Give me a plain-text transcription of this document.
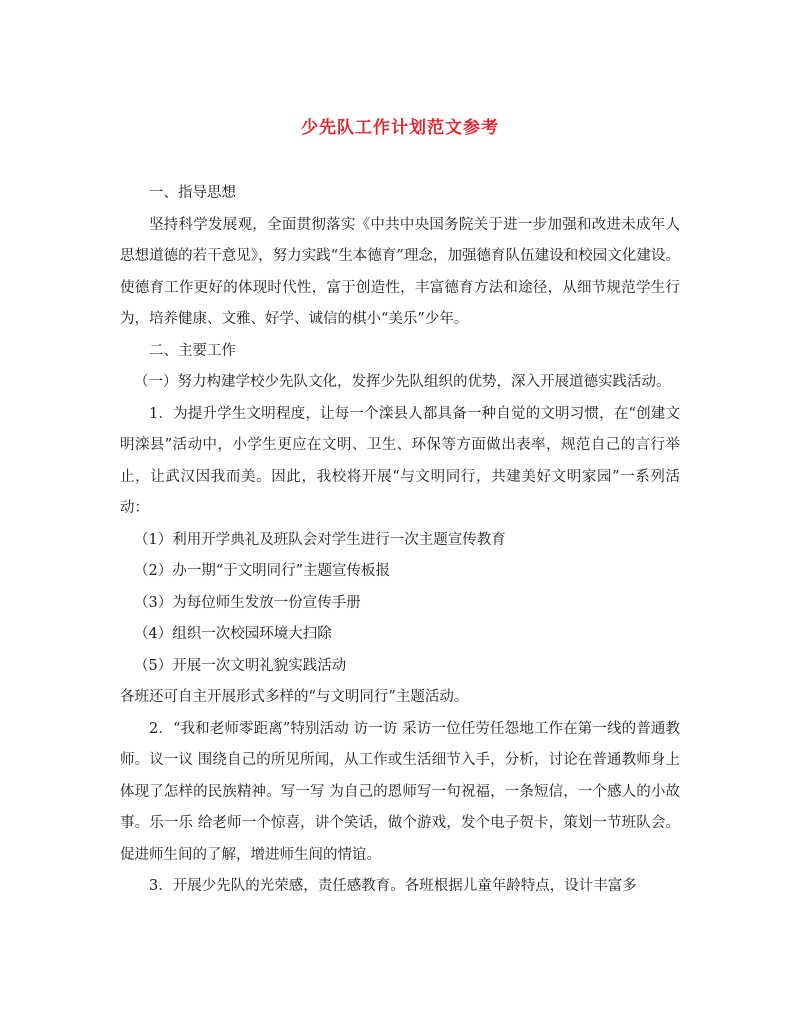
少先队工作计划范文参考

一、指导思想

坚持科学发展观，全面贯彻落实《中共中央国务院关于进一步加强和改进未成年人思想道德的若干意见》，努力实践“生本德育”理念，加强德育队伍建设和校园文化建设。使德育工作更好的体现时代性，富于创造性，丰富德育方法和途径，从细节规范学生行为，培养健康、文雅、好学、诚信的棋小“美乐”少年。

二、主要工作

（一）努力构建学校少先队文化，发挥少先队组织的优势，深入开展道德实践活动。

1．为提升学生文明程度，让每一个滦县人都具备一种自觉的文明习惯，在“创建文明滦县”活动中，小学生更应在文明、卫生、环保等方面做出表率，规范自己的言行举止，让武汉因我而美。因此，我校将开展“与文明同行，共建美好文明家园”一系列活动：

（1）利用开学典礼及班队会对学生进行一次主题宣传教育

（2）办一期“于文明同行”主题宣传板报

（3）为每位师生发放一份宣传手册

（4）组织一次校园环境大扫除

（5）开展一次文明礼貌实践活动

各班还可自主开展形式多样的“与文明同行”主题活动。

2．“我和老师零距离”特别活动 访一访 采访一位任劳任怨地工作在第一线的普通教师。议一议 围绕自己的所见所闻，从工作或生活细节入手，分析，讨论在普通教师身上体现了怎样的民族精神。写一写 为自己的恩师写一句祝福，一条短信，一个感人的小故事。乐一乐 给老师一个惊喜，讲个笑话，做个游戏，发个电子贺卡，策划一节班队会。促进师生间的了解，增进师生间的情谊。

3．开展少先队的光荣感，责任感教育。各班根据儿童年龄特点，设计丰富多
